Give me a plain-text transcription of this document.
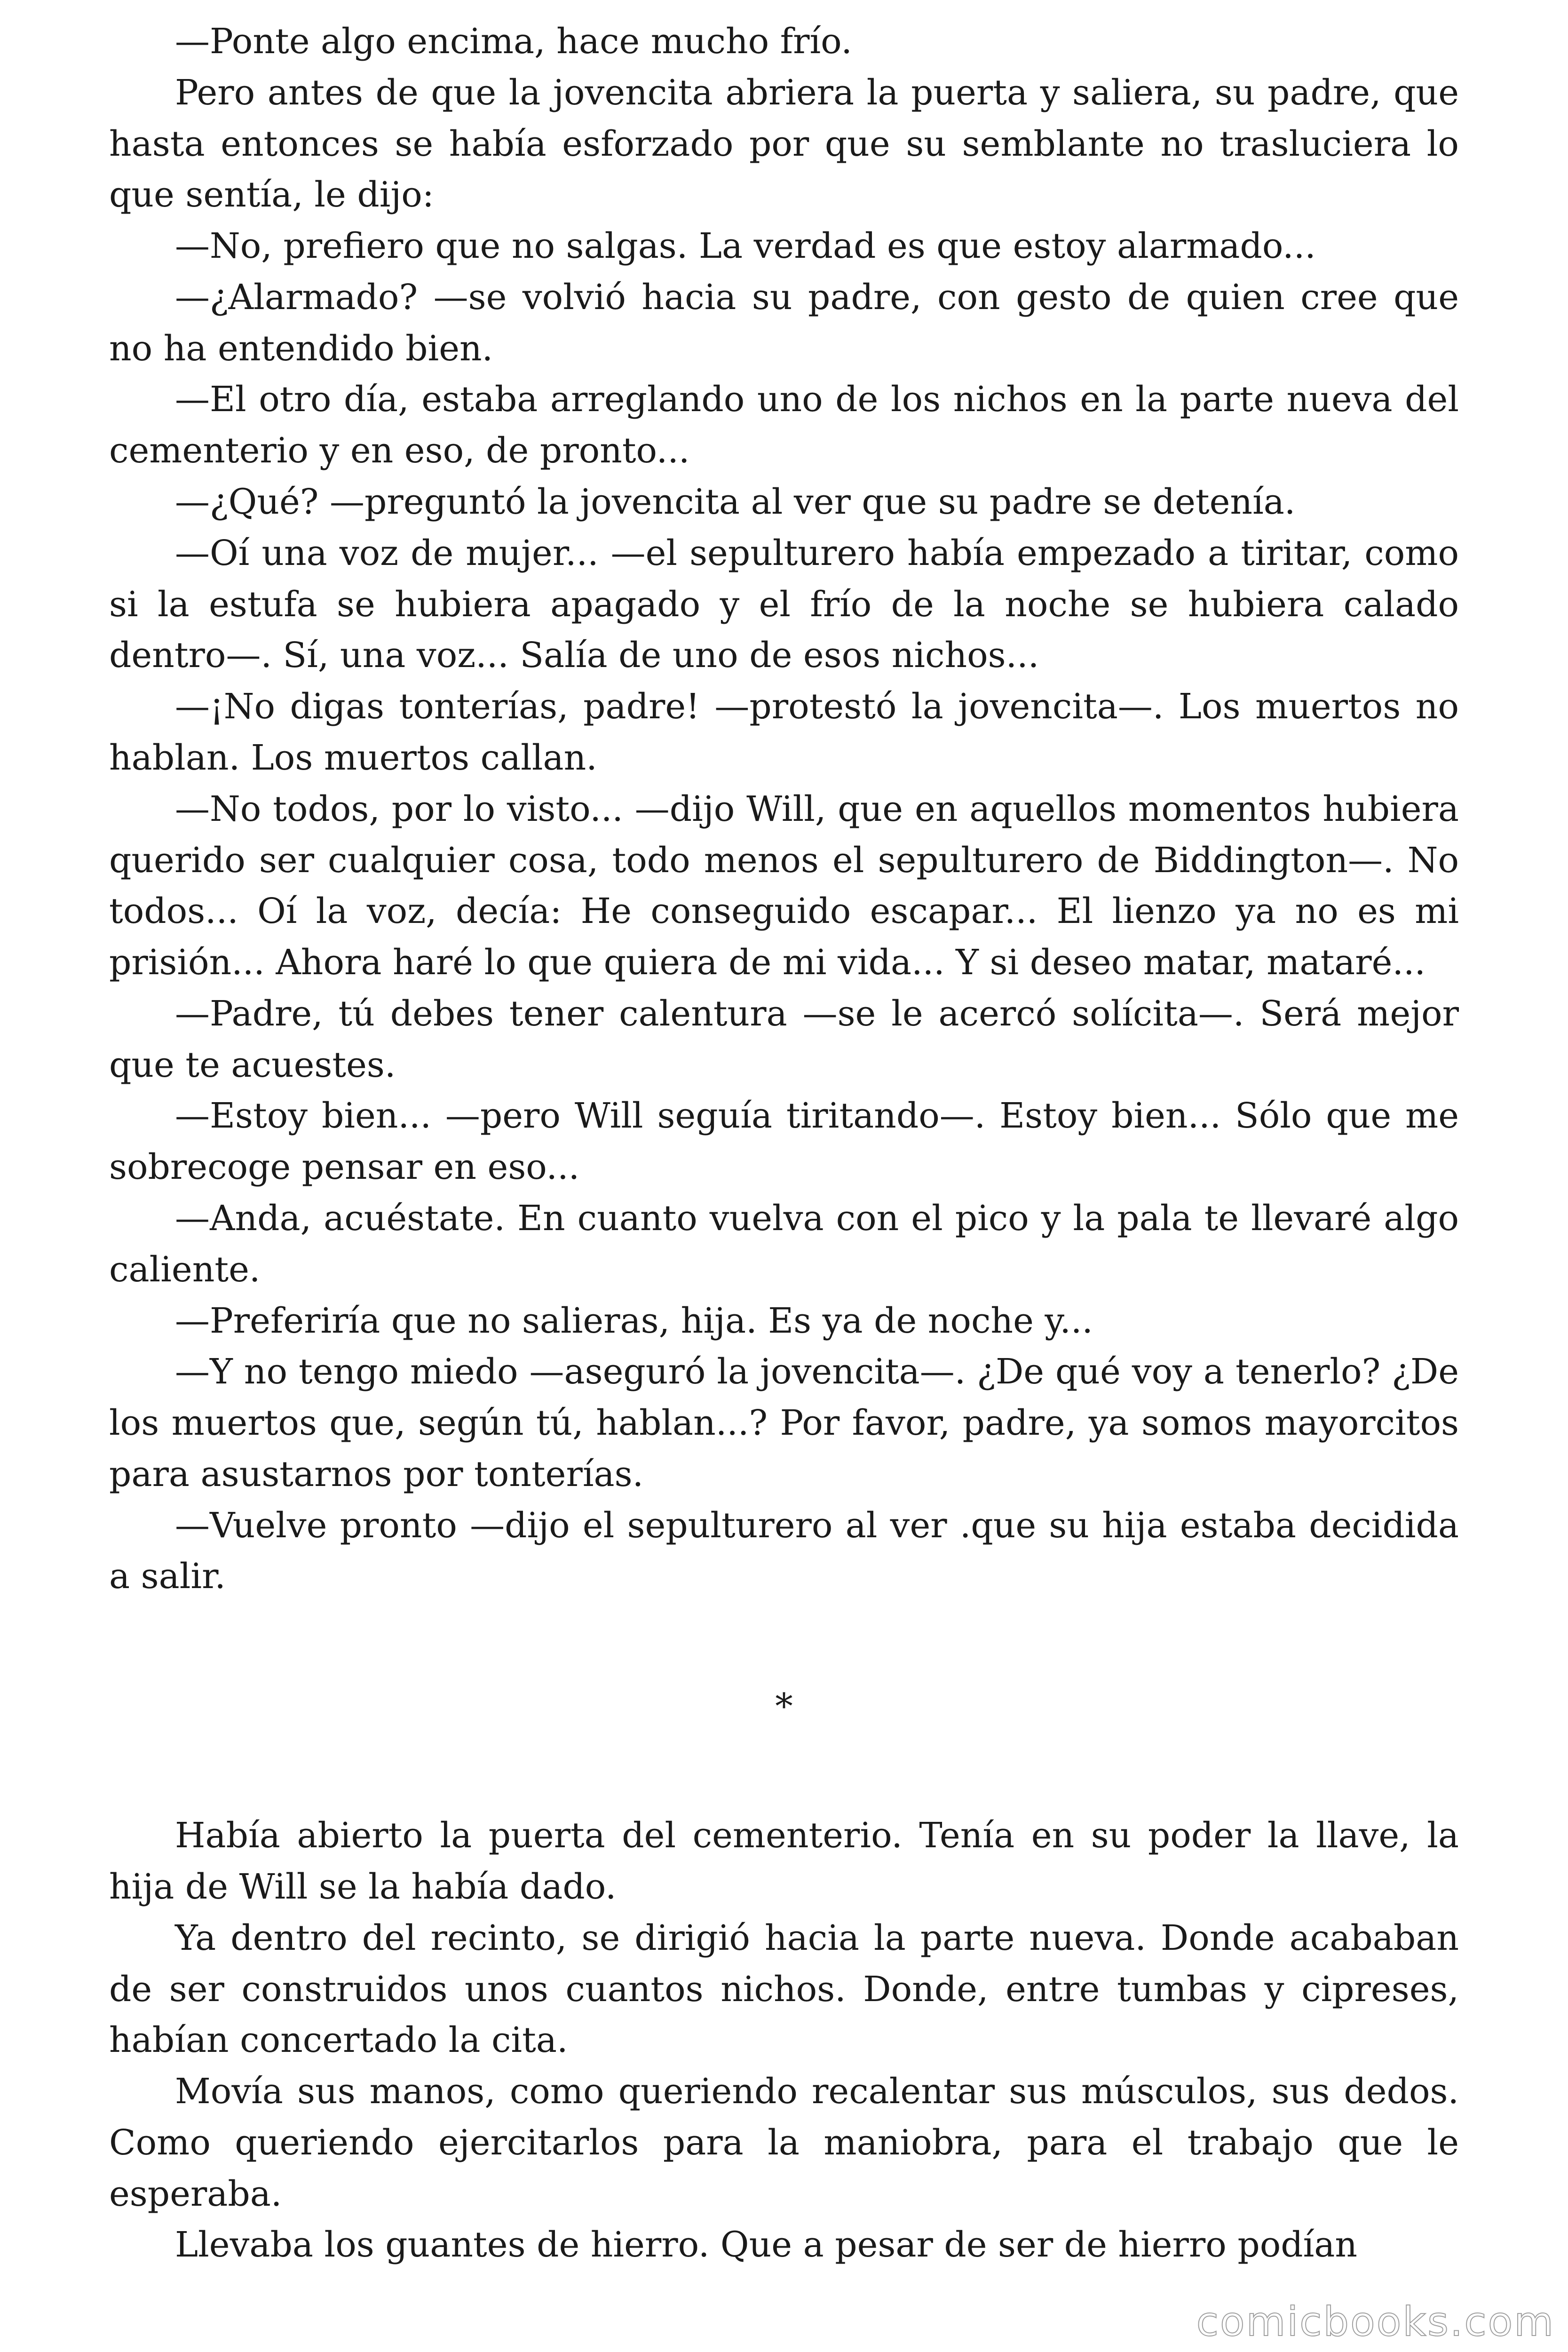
—Ponte algo encima, hace mucho frío.

Pero antes de que la jovencita abriera la puerta y saliera, su padre, que hasta entonces se había esforzado por que su semblante no trasluciera lo que sentía, le dijo:

—No, prefiero que no salgas. La verdad es que estoy alarmado...

—¿Alarmado? —se volvió hacia su padre, con gesto de quien cree que no ha entendido bien.

—El otro día, estaba arreglando uno de los nichos en la parte nueva del cementerio y en eso, de pronto...

—¿Qué? —preguntó la jovencita al ver que su padre se detenía.

—Oí una voz de mujer... —el sepulturero había empezado a tiritar, como si la estufa se hubiera apagado y el frío de la noche se hubiera calado dentro—. Sí, una voz... Salía de uno de esos nichos...

—¡No digas tonterías, padre! —protestó la jovencita—. Los muertos no hablan. Los muertos callan.

—No todos, por lo visto... —dijo Will, que en aquellos momentos hubiera querido ser cualquier cosa, todo menos el sepulturero de Biddington—. No todos... Oí la voz, decía: He conseguido escapar... El lienzo ya no es mi prisión... Ahora haré lo que quiera de mi vida... Y si deseo matar, mataré...

—Padre, tú debes tener calentura —se le acercó solícita—. Será mejor que te acuestes.

—Estoy bien... —pero Will seguía tiritando—. Estoy bien... Sólo que me sobrecoge pensar en eso...

—Anda, acuéstate. En cuanto vuelva con el pico y la pala te llevaré algo caliente.

—Preferiría que no salieras, hija. Es ya de noche y...

—Y no tengo miedo —aseguró la jovencita—. ¿De qué voy a tenerlo? ¿De los muertos que, según tú, hablan...? Por favor, padre, ya somos mayorcitos para asustarnos por tonterías.

—Vuelve pronto —dijo el sepulturero al ver .que su hija estaba decidida a salir.

*

Había abierto la puerta del cementerio. Tenía en su poder la llave, la hija de Will se la había dado.

Ya dentro del recinto, se dirigió hacia la parte nueva. Donde acababan de ser construidos unos cuantos nichos. Donde, entre tumbas y cipreses, habían concertado la cita.

Movía sus manos, como queriendo recalentar sus músculos, sus dedos. Como queriendo ejercitarlos para la maniobra, para el trabajo que le esperaba.

Llevaba los guantes de hierro. Que a pesar de ser de hierro podían

comicbooks.com
